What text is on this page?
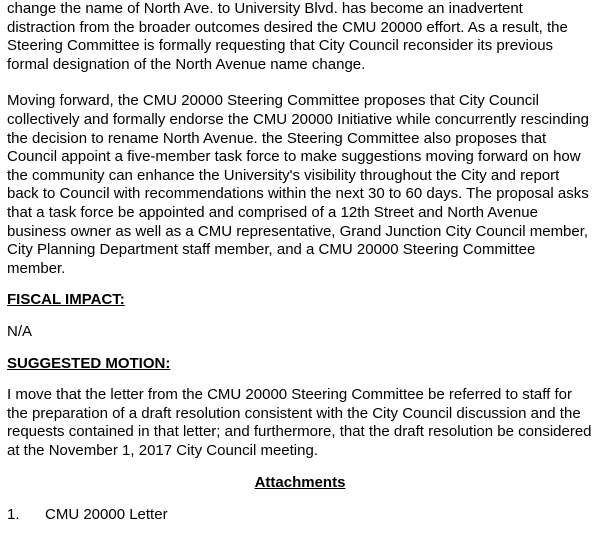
change the name of North Ave. to University Blvd. has become an inadvertent distraction from the broader outcomes desired the CMU 20000 effort. As a result, the Steering Committee is formally requesting that City Council reconsider its previous formal designation of the North Avenue name change.

Moving forward, the CMU 20000 Steering Committee proposes that City Council collectively and formally endorse the CMU 20000 Initiative while concurrently rescinding the decision to rename North Avenue. the Steering Committee also proposes that Council appoint a five-member task force to make suggestions moving forward on how the community can enhance the University's visibility throughout the City and report back to Council with recommendations within the next 30 to 60 days. The proposal asks that a task force be appointed and comprised of a 12th Street and North Avenue business owner as well as a CMU representative, Grand Junction City Council member, City Planning Department staff member, and a CMU 20000 Steering Committee member.

FISCAL IMPACT:

N/A

SUGGESTED MOTION:

I move that the letter from the CMU 20000 Steering Committee be referred to staff for the preparation of a draft resolution consistent with the City Council discussion and the requests contained in that letter; and furthermore, that the draft resolution be considered at the November 1, 2017 City Council meeting.

Attachments

1.	CMU 20000 Letter
